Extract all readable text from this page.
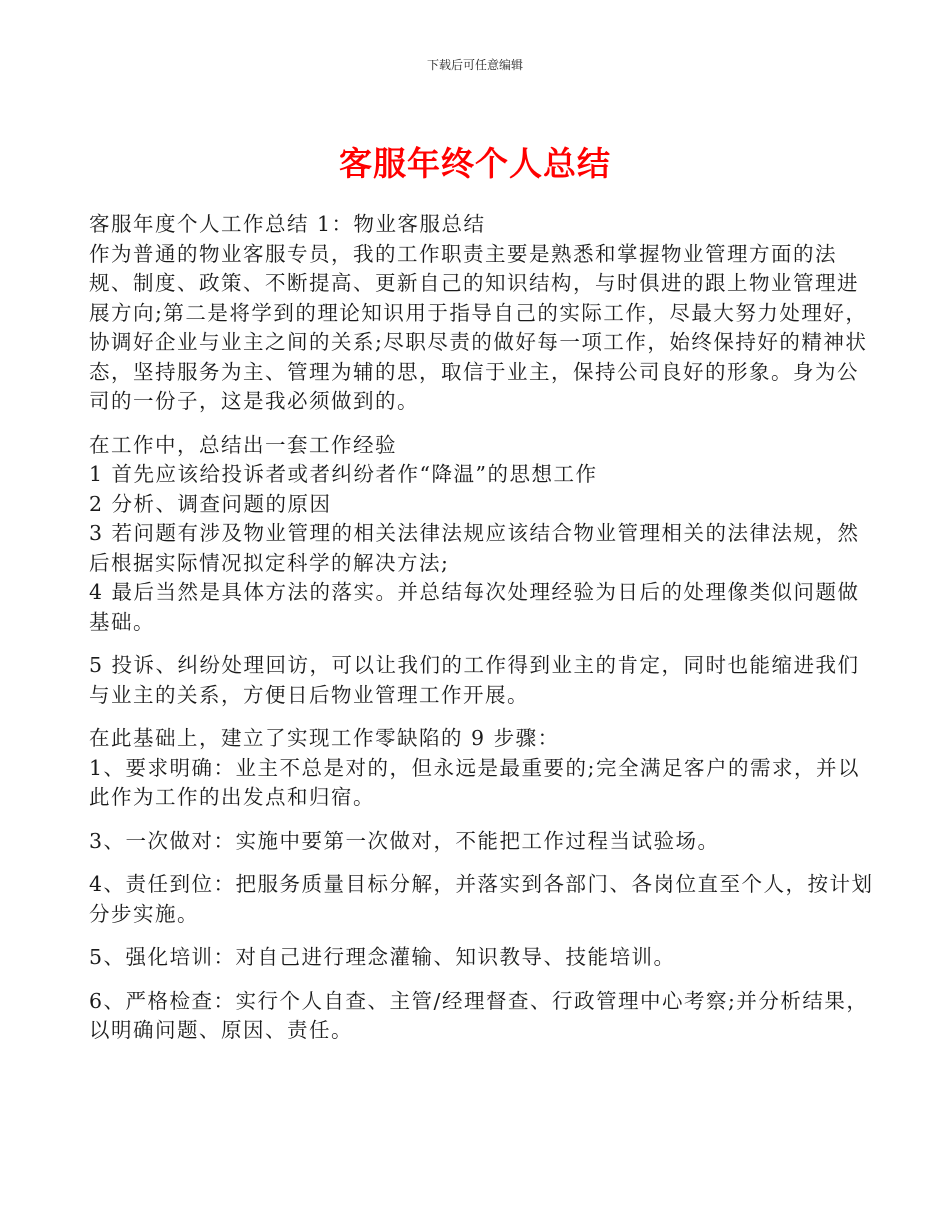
下载后可任意编辑
客服年终个人总结
客服年度个人工作总结 1：物业客服总结
作为普通的物业客服专员，我的工作职责主要是熟悉和掌握物业管理方面的法
规、制度、政策、不断提高、更新自己的知识结构，与时俱进的跟上物业管理进
展方向;第二是将学到的理论知识用于指导自己的实际工作，尽最大努力处理好，
协调好企业与业主之间的关系;尽职尽责的做好每一项工作，始终保持好的精神状
态，坚持服务为主、管理为辅的思，取信于业主，保持公司良好的形象。身为公
司的一份子，这是我必须做到的。
在工作中，总结出一套工作经验
1 首先应该给投诉者或者纠纷者作“降温”的思想工作
2 分析、调查问题的原因
3 若问题有涉及物业管理的相关法律法规应该结合物业管理相关的法律法规，然
后根据实际情况拟定科学的解决方法;
4 最后当然是具体方法的落实。并总结每次处理经验为日后的处理像类似问题做
基础。
5 投诉、纠纷处理回访，可以让我们的工作得到业主的肯定，同时也能缩进我们
与业主的关系，方便日后物业管理工作开展。
在此基础上，建立了实现工作零缺陷的 9 步骤：
1、要求明确：业主不总是对的，但永远是最重要的;完全满足客户的需求，并以
此作为工作的出发点和归宿。
3、一次做对：实施中要第一次做对，不能把工作过程当试验场。
4、责任到位：把服务质量目标分解，并落实到各部门、各岗位直至个人，按计划
分步实施。
5、强化培训：对自己进行理念灌输、知识教导、技能培训。
6、严格检查：实行个人自查、主管/经理督查、行政管理中心考察;并分析结果，
以明确问题、原因、责任。
